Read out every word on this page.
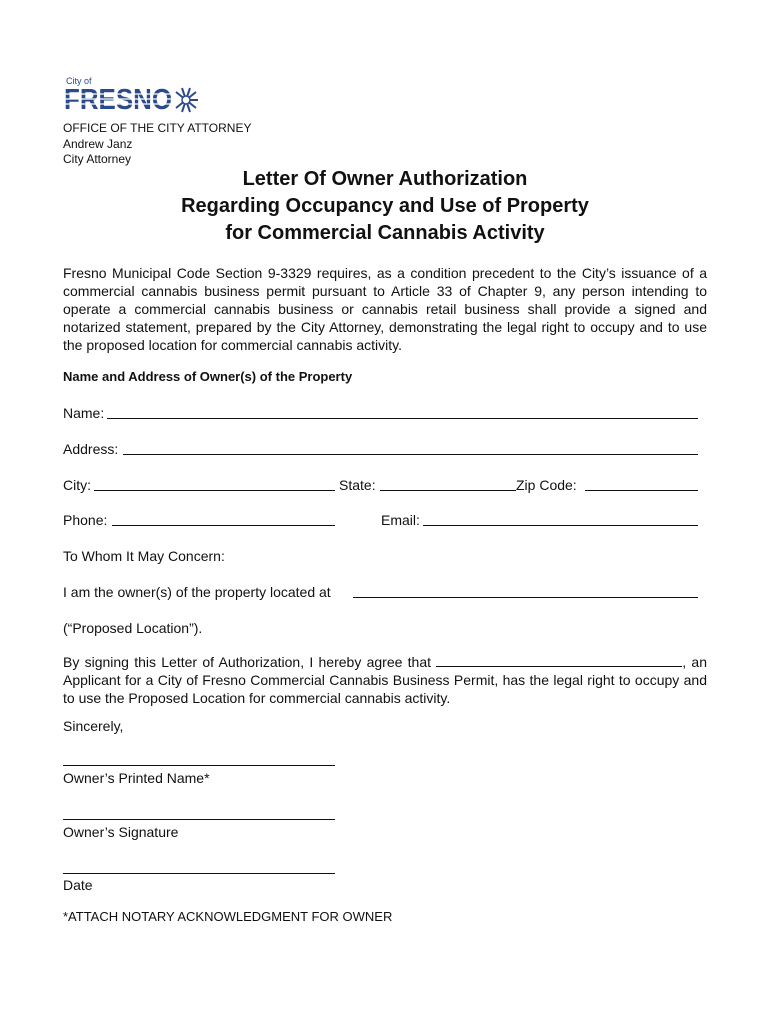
City of
FRESNO
OFFICE OF THE CITY ATTORNEY
Andrew Janz
City Attorney
Letter Of Owner Authorization
Regarding Occupancy and Use of Property
for Commercial Cannabis Activity
Fresno Municipal Code Section 9-3329 requires, as a condition precedent to the City’s issuance of a commercial cannabis business permit pursuant to Article 33 of Chapter 9, any person intending to operate a commercial cannabis business or cannabis retail business shall provide a signed and notarized statement, prepared by the City Attorney, demonstrating the legal right to occupy and to use the proposed location for commercial cannabis activity.
Name and Address of Owner(s) of the Property
Name:
Address:
City:	State:	Zip Code:
Phone:	Email:
To Whom It May Concern:
I am the owner(s) of the property located at
(“Proposed Location”).
By signing this Letter of Authorization, I hereby agree that	, an Applicant for a City of Fresno Commercial Cannabis Business Permit, has the legal right to occupy and to use the Proposed Location for commercial cannabis activity.
Sincerely,
Owner’s Printed Name*
Owner’s Signature
Date
*ATTACH NOTARY ACKNOWLEDGMENT FOR OWNER
